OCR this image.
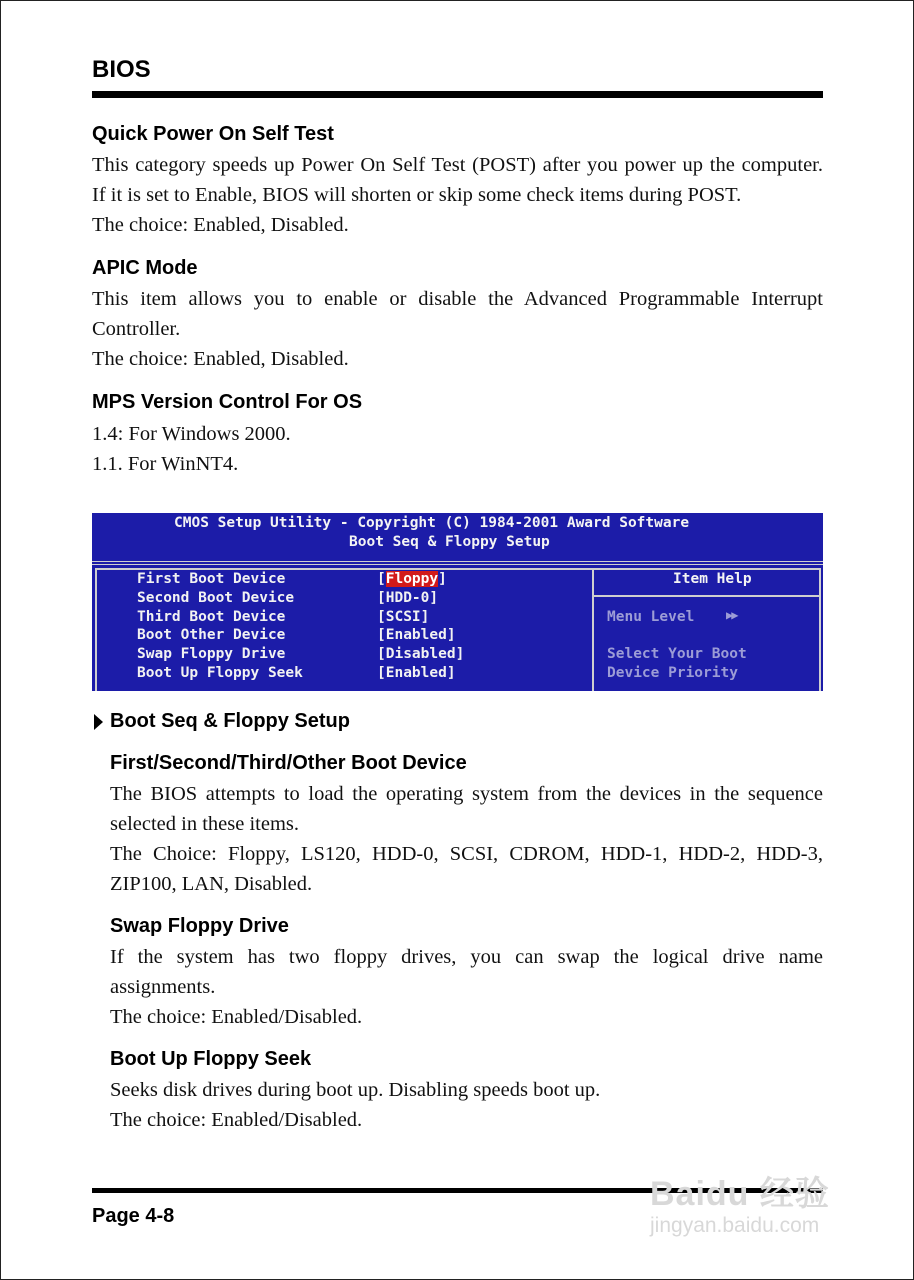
BIOS
Quick Power On Self Test
This category speeds up Power On Self Test (POST) after you power up the computer.
If it is set to Enable, BIOS will shorten or skip some check items during POST.
The choice: Enabled, Disabled.
APIC Mode
This item allows you to enable or disable the Advanced Programmable Interrupt
Controller.
The choice: Enabled, Disabled.
MPS Version Control For OS
1.4: For Windows 2000.
1.1. For WinNT4.
CMOS Setup Utility - Copyright (C) 1984-2001 Award Software
Boot Seq & Floppy Setup
First Boot Device	[Floppy]
Second Boot Device	[HDD-0]
Third Boot Device	[SCSI]
Boot Other Device	[Enabled]
Swap Floppy Drive	[Disabled]
Boot Up Floppy Seek	[Enabled]
Item Help
Menu Level	▶▶
Select Your Boot
Device Priority
Boot Seq & Floppy Setup
First/Second/Third/Other Boot Device
The BIOS attempts to load the operating system from the devices in the sequence
selected in these items.
The Choice: Floppy, LS120, HDD-0, SCSI, CDROM, HDD-1, HDD-2, HDD-3,
ZIP100, LAN, Disabled.
Swap Floppy Drive
If the system has two floppy drives, you can swap the logical drive name
assignments.
The choice: Enabled/Disabled.
Boot Up Floppy Seek
Seeks disk drives during boot up. Disabling speeds boot up.
The choice: Enabled/Disabled.
Page 4-8
Baidu 经验
jingyan.baidu.com
